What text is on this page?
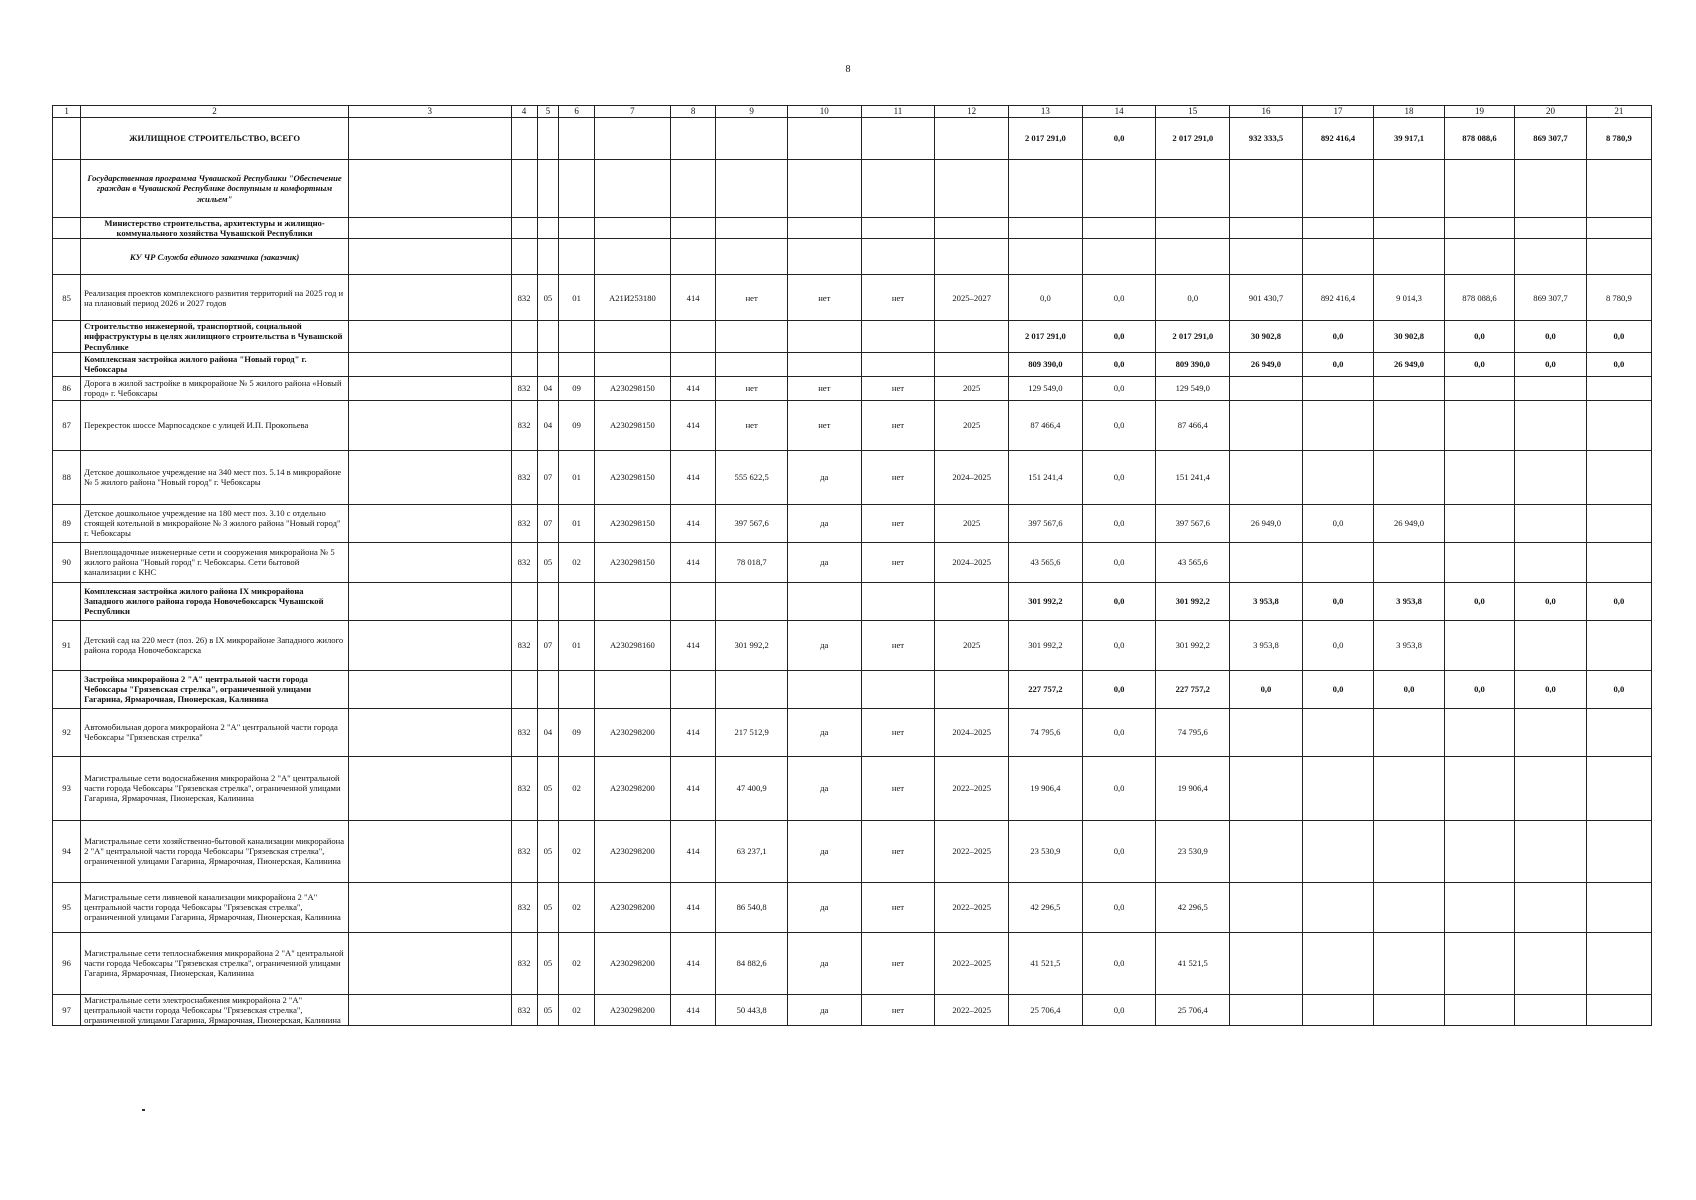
8
1	2	3	4	5	6	7	8	9	10	11	12	13	14	15	16	17	18	19	20	21
	ЖИЛИЩНОЕ СТРОИТЕЛЬСТВО, ВСЕГО											2 017 291,0	0,0	2 017 291,0	932 333,5	892 416,4	39 917,1	878 088,6	869 307,7	8 780,9
	Государственная программа Чувашской Республики "Обеспечение граждан в Чувашской Республике доступным и комфортным жильем"																			
	Министерство строительства, архитектуры и жилищно-коммунального хозяйства Чувашской Республики																			
	КУ ЧР Служба единого заказчика (заказчик)																			
85	Реализация проектов комплексного развития территорий на 2025 год и на плановый период 2026 и 2027 годов		832	05	01	А21И253180	414	нет	нет	нет	2025–2027	0,0	0,0	0,0	901 430,7	892 416,4	9 014,3	878 088,6	869 307,7	8 780,9
	Строительство инженерной, транспортной, социальной инфраструктуры в целях жилищного строительства в Чувашской Республике											2 017 291,0	0,0	2 017 291,0	30 902,8	0,0	30 902,8	0,0	0,0	0,0
	Комплексная застройка жилого района "Новый город" г. Чебоксары											809 390,0	0,0	809 390,0	26 949,0	0,0	26 949,0	0,0	0,0	0,0
86	Дорога в жилой застройке в микрорайоне № 5 жилого района «Новый город» г. Чебоксары		832	04	09	А230298150	414	нет	нет	нет	2025	129 549,0	0,0	129 549,0						
87	Перекресток шоссе Марпосадское с улицей И.П. Прокопьева		832	04	09	А230298150	414	нет	нет	нет	2025	87 466,4	0,0	87 466,4						
88	Детское дошкольное учреждение на 340 мест поз. 5.14 в микрорайоне № 5 жилого района "Новый город" г. Чебоксары		832	07	01	А230298150	414	555 622,5	да	нет	2024–2025	151 241,4	0,0	151 241,4						
89	Детское дошкольное учреждение на 180 мест поз. 3.10 с отдельно стоящей котельной в микрорайоне № 3 жилого района "Новый город" г. Чебоксары		832	07	01	А230298150	414	397 567,6	да	нет	2025	397 567,6	0,0	397 567,6	26 949,0	0,0	26 949,0			
90	Внеплощадочные инженерные сети и сооружения микрорайона № 5 жилого района "Новый город" г. Чебоксары. Сети бытовой канализации с КНС		832	05	02	А230298150	414	78 018,7	да	нет	2024–2025	43 565,6	0,0	43 565,6						
	Комплексная застройка жилого района IX микрорайона Западного жилого района города Новочебоксарск Чувашской Республики											301 992,2	0,0	301 992,2	3 953,8	0,0	3 953,8	0,0	0,0	0,0
91	Детский сад на 220 мест (поз. 26) в IX микрорайоне Западного жилого района города Новочебоксарска		832	07	01	А230298160	414	301 992,2	да	нет	2025	301 992,2	0,0	301 992,2	3 953,8	0,0	3 953,8			
	Застройка микрорайона 2 "А" центральной части города Чебоксары "Грязевская стрелка", ограниченной улицами Гагарина, Ярмарочная, Пионерская, Калинина											227 757,2	0,0	227 757,2	0,0	0,0	0,0	0,0	0,0	0,0
92	Автомобильная дорога микрорайона 2 "А" центральной части города Чебоксары "Грязевская стрелка"		832	04	09	А230298200	414	217 512,9	да	нет	2024–2025	74 795,6	0,0	74 795,6						
93	Магистральные сети водоснабжения микрорайона 2 "А" центральной части города Чебоксары "Грязевская стрелка", ограниченной улицами Гагарина, Ярмарочная, Пионерская, Калинина		832	05	02	А230298200	414	47 400,9	да	нет	2022–2025	19 906,4	0,0	19 906,4						
94	Магистральные сети хозяйственно-бытовой канализации микрорайона 2 "А" центральной части города Чебоксары "Грязевская стрелка", ограниченной улицами Гагарина, Ярмарочная, Пионерская, Калинина		832	05	02	А230298200	414	63 237,1	да	нет	2022–2025	23 530,9	0,0	23 530,9						
95	Магистральные сети ливневой канализации микрорайона 2 "А" центральной части города Чебоксары "Грязевская стрелка", ограниченной улицами Гагарина, Ярмарочная, Пионерская, Калинина		832	05	02	А230298200	414	86 540,8	да	нет	2022–2025	42 296,5	0,0	42 296,5						
96	Магистральные сети теплоснабжения микрорайона 2 "А" центральной части города Чебоксары "Грязевская стрелка", ограниченной улицами Гагарина, Ярмарочная, Пионерская, Калинина		832	05	02	А230298200	414	84 882,6	да	нет	2022–2025	41 521,5	0,0	41 521,5						
97	Магистральные сети электроснабжения микрорайона 2 "А" центральной части города Чебоксары "Грязевская стрелка", ограниченной улицами Гагарина, Ярмарочная, Пионерская, Калинина		832	05	02	А230298200	414	50 443,8	да	нет	2022–2025	25 706,4	0,0	25 706,4						
